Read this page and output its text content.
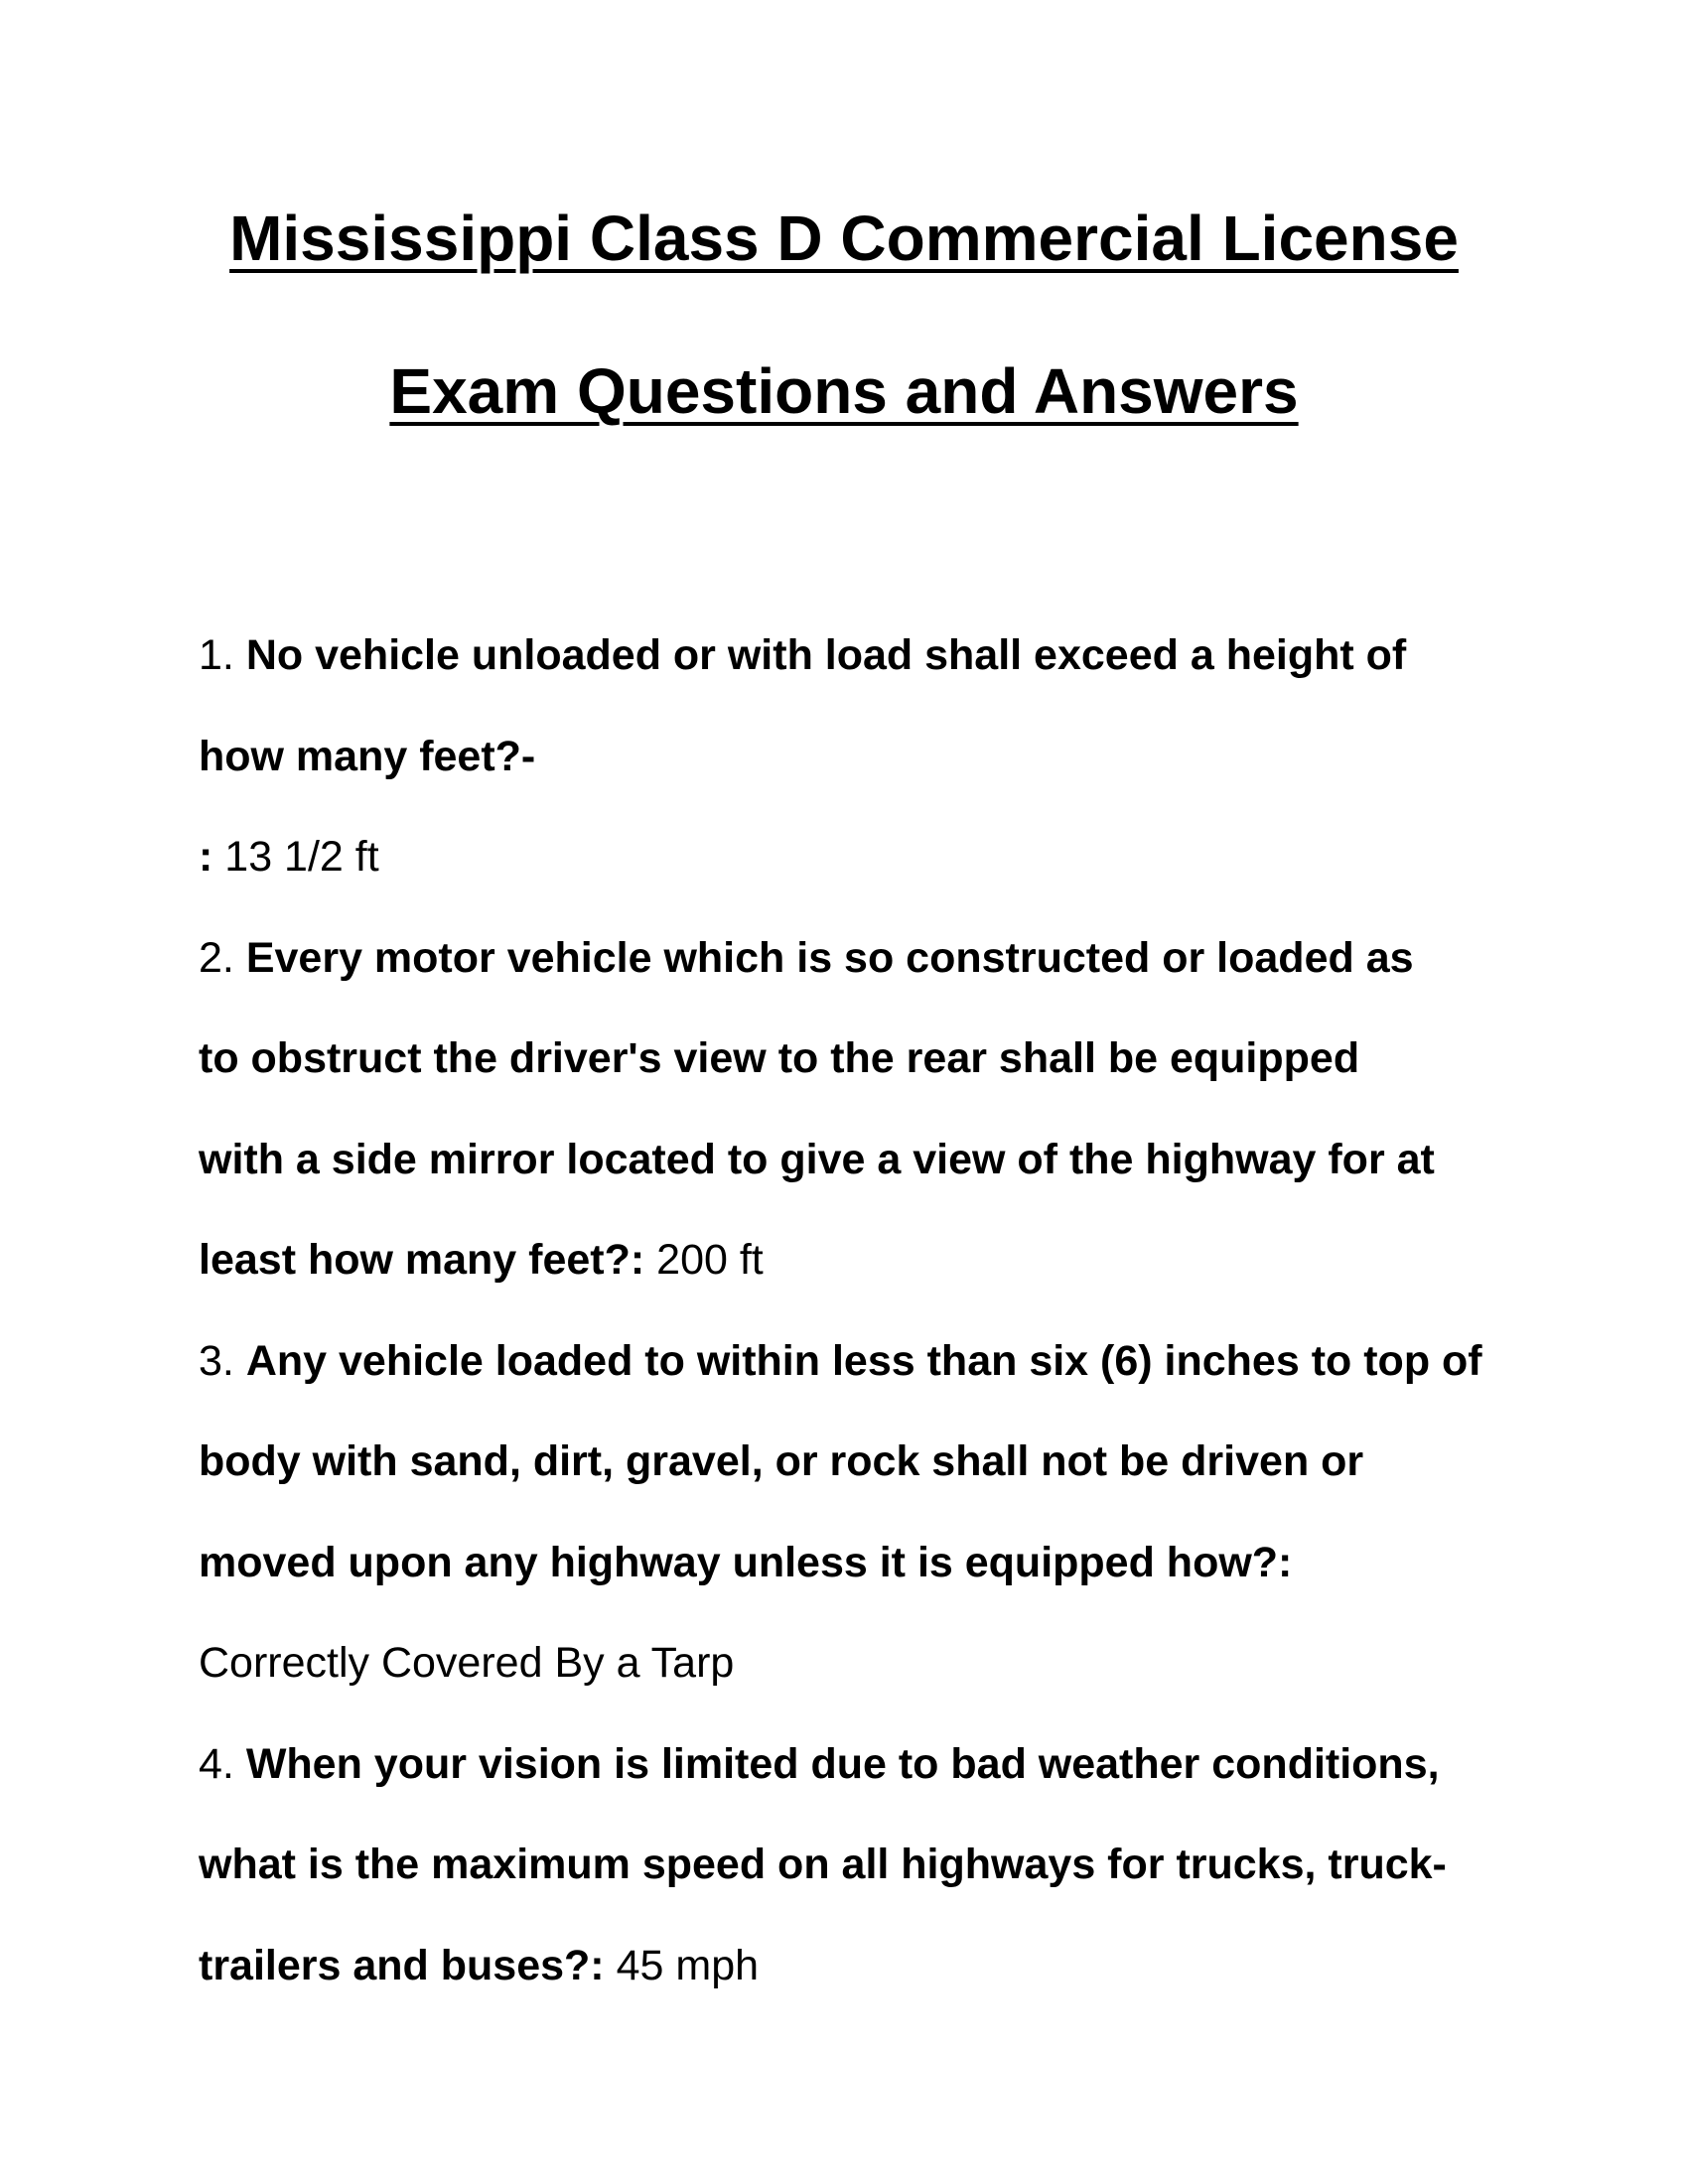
Mississippi Class D Commercial License
Exam Questions and Answers
1. No vehicle unloaded or with load shall exceed a height of
how many feet?-
: 13 1/2 ft
2. Every motor vehicle which is so constructed or loaded as
to obstruct the driver's view to the rear shall be equipped
with a side mirror located to give a view of the highway for at
least how many feet?: 200 ft
3. Any vehicle loaded to within less than six (6) inches to top of
body with sand, dirt, gravel, or rock shall not be driven or
moved upon any highway unless it is equipped how?:
Correctly Covered By a Tarp
4. When your vision is limited due to bad weather conditions,
what is the maximum speed on all highways for trucks, truck-
trailers and buses?: 45 mph
